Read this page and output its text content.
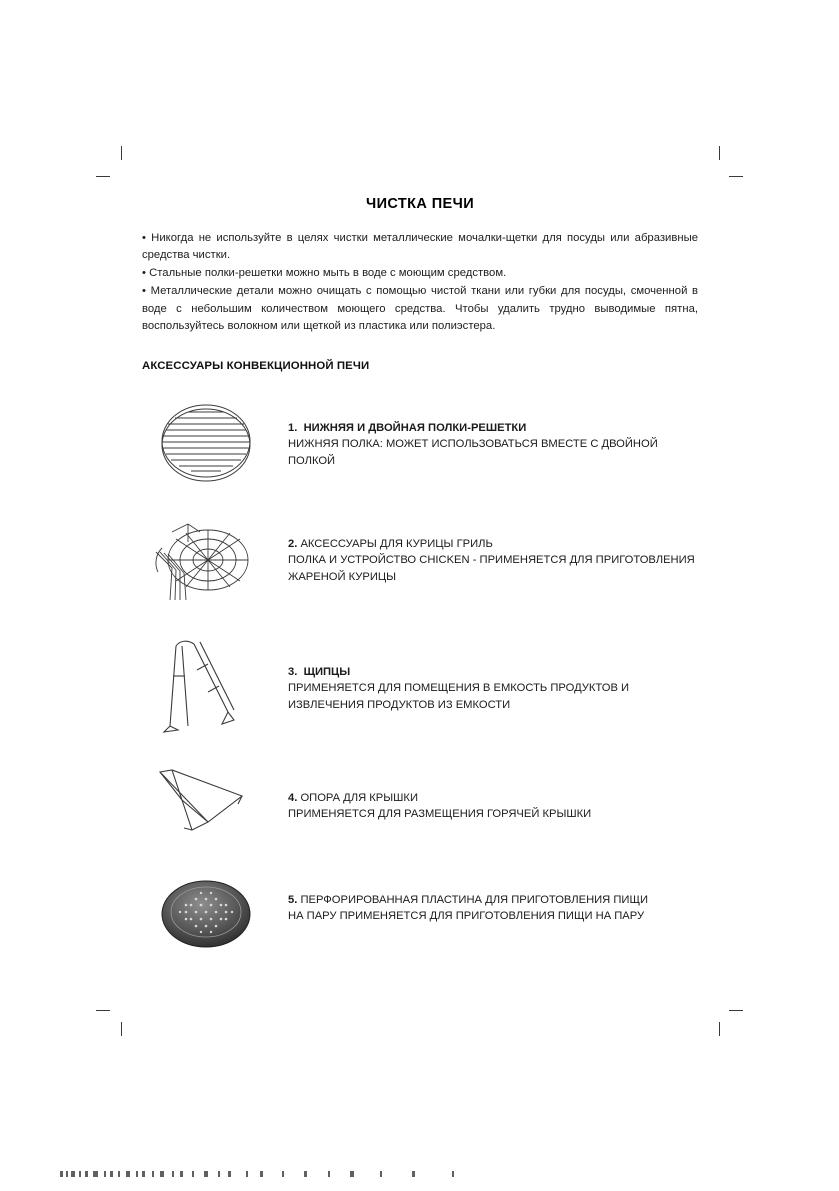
ЧИСТКА ПЕЧИ

• Никогда не используйте в целях чистки металлические мочалки-щетки для посуды или абразивные средства чистки.

• Стальные полки-решетки можно мыть в воде с моющим средством.

• Металлические детали можно очищать с помощью чистой ткани или губки для посуды, смоченной в воде с небольшим количеством моющего средства. Чтобы удалить трудно выводимые пятна, воспользуйтесь волокном или щеткой из пластика или полиэстера.

АКСЕССУАРЫ КОНВЕКЦИОННОЙ ПЕЧИ
1. НИЖНЯЯ И ДВОЙНАЯ ПОЛКИ-РЕШЕТКИ
НИЖНЯЯ ПОЛКА: МОЖЕТ ИСПОЛЬЗОВАТЬСЯ ВМЕСТЕ С ДВОЙНОЙ ПОЛКОЙ
2. АКСЕССУАРЫ ДЛЯ КУРИЦЫ ГРИЛЬ
ПОЛКА И УСТРОЙСТВО CHICKEN - ПРИМЕНЯЕТСЯ ДЛЯ ПРИГОТОВЛЕНИЯ ЖАРЕНОЙ КУРИЦЫ
3. ЩИПЦЫ
ПРИМЕНЯЕТСЯ ДЛЯ ПОМЕЩЕНИЯ В ЕМКОСТЬ ПРОДУКТОВ И ИЗВЛЕЧЕНИЯ ПРОДУКТОВ ИЗ ЕМКОСТИ
4. ОПОРА ДЛЯ КРЫШКИ
ПРИМЕНЯЕТСЯ ДЛЯ РАЗМЕЩЕНИЯ ГОРЯЧЕЙ КРЫШКИ
5. ПЕРФОРИРОВАННАЯ ПЛАСТИНА ДЛЯ ПРИГОТОВЛЕНИЯ ПИЩИ
НА ПАРУ ПРИМЕНЯЕТСЯ ДЛЯ ПРИГОТОВЛЕНИЯ ПИЩИ НА ПАРУ
